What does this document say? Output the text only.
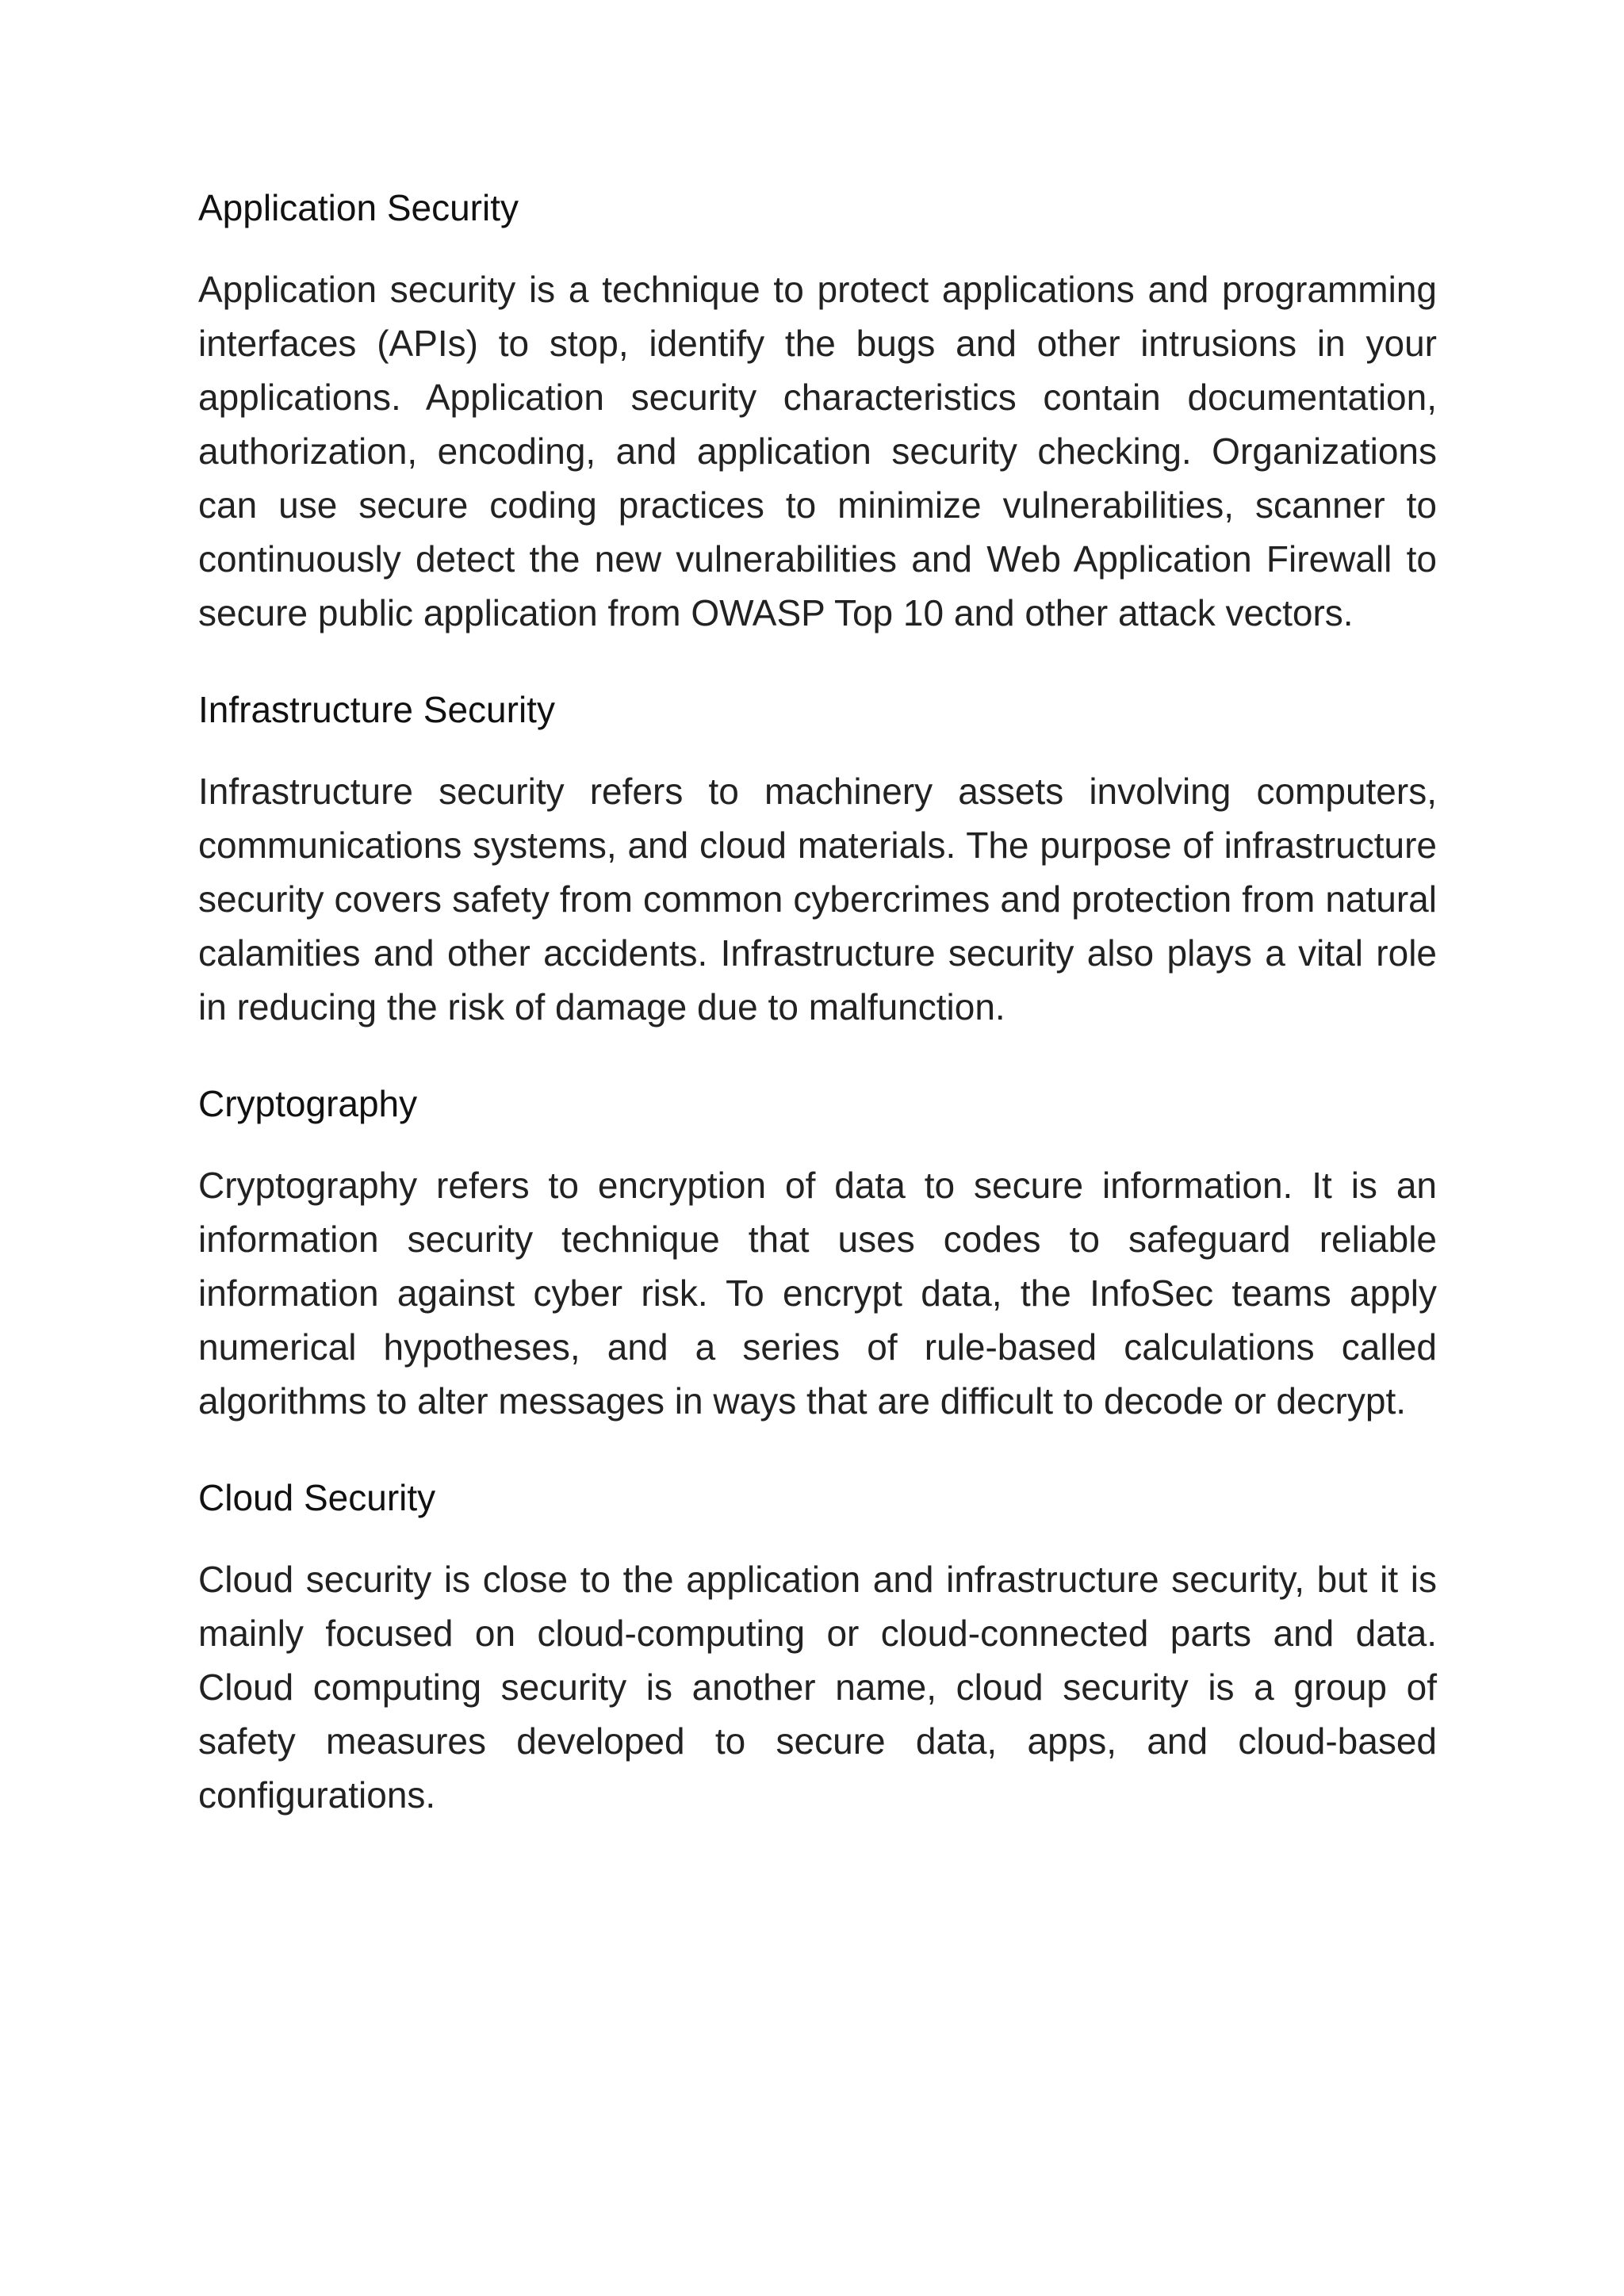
Application Security

Application security is a technique to protect applications and programming interfaces (APIs) to stop, identify the bugs and other intrusions in your applications. Application security characteristics contain documentation, authorization, encoding, and application security checking. Organizations can use secure coding practices to minimize vulnerabilities, scanner to continuously detect the new vulnerabilities and Web Application Firewall to secure public application from OWASP Top 10 and other attack vectors.

Infrastructure Security

Infrastructure security refers to machinery assets involving computers, communications systems, and cloud materials. The purpose of infrastructure security covers safety from common cybercrimes and protection from natural calamities and other accidents. Infrastructure security also plays a vital role in reducing the risk of damage due to malfunction.

Cryptography

Cryptography refers to encryption of data to secure information. It is an information security technique that uses codes to safeguard reliable information against cyber risk. To encrypt data, the InfoSec teams apply numerical hypotheses, and a series of rule-based calculations called algorithms to alter messages in ways that are difficult to decode or decrypt.

Cloud Security

Cloud security is close to the application and infrastructure security, but it is mainly focused on cloud-computing or cloud-connected parts and data. Cloud computing security is another name, cloud security is a group of safety measures developed to secure data, apps, and cloud-based configurations.
